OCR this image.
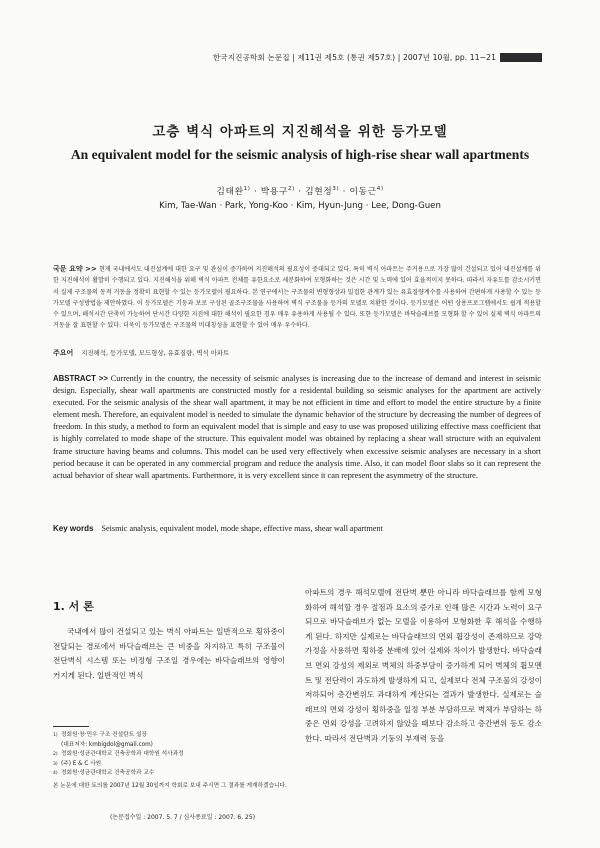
한국지진공학회 논문집 | 제11권 제5호 (통권 제57호) | 2007년 10월, pp. 11~21
고층 벽식 아파트의 지진해석을 위한 등가모델
An equivalent model for the seismic analysis of high-rise shear wall apartments
김태완$^{1)}$ · 박용구$^{2)}$ · 김현정$^{3)}$ · 이동근$^{4)}$
Kim, Tae-Wan · Park, Yong-Koo · Kim, Hyun-Jung · Lee, Dong-Guen
국문 요약 >> 현재 국내에서도 내진설계에 대한 요구 및 관심이 증가하여 지진해석의 필요성이 증대되고 있다. 특히 벽식 아파트는 주거용으로 가장 많이 건설되고 있어 내진설계를 위한 지진해석이 활발히 수행되고 있다. 지진해석을 위해 벽식 아파트 전체를 유한요소로 세분화하여 모형화하는 것은 시간 및 노력에 있어 효율적이지 못하다. 따라서 자유도를 감소시키면서 실제 구조물의 동적 거동을 정확히 표현할 수 있는 등가모델이 필요하다. 본 연구에서는 구조물의 변형형상과 밀접한 관계가 있는 유효질량계수를 사용하여 간편하게 사용할 수 있는 등가모델 구성방법을 제안하였다. 이 등가모델은 기둥과 보로 구성된 골조구조물을 사용하여 벽식 구조물을 등가의 모델로 치환한 것이다. 등가모델은 어떤 상용프로그램에서도 쉽게 적용할 수 있으며, 해석시간 단축이 가능하여 단시간 다양한 지진에 대한 해석이 필요한 경우 매우 유용하게 사용될 수 있다. 또한 등가모델은 바닥슬래브를 모형화 할 수 있어 실제 벽식 아파트의 거동을 잘 표현할 수 있다. 더욱이 등가모델은 구조물의 비대칭성을 표현할 수 있어 매우 우수하다.
주요어 지진해석, 등가모델, 모드형상, 유효질량, 벽식 아파트
ABSTRACT >> Currently in the country, the necessity of seismic analyses is increasing due to the increase of demand and interest in seismic design. Especially, shear wall apartments are constructed mostly for a residental building so seismic analyses for the apartment are actively executed. For the seismic analysis of the shear wall apartment, it may be not efficient in time and effort to model the entire structure by a finite element mesh. Therefore, an equivalent model is needed to simulate the dynamic behavior of the structure by decreasing the number of degrees of freedom. In this study, a method to form an equivalent model that is simple and easy to use was proposed utilizing effective mass coefficient that is highly correlated to mode shape of the structure. This equivalent model was obtained by replacing a shear wall structure with an equivalent frame structure having beams and columns. This model can be used very effectively when excessive seismic analyses are necessary in a short period because it can be operated in any commercial program and reduce the analysis time. Also, it can model floor slabs so it can represent the actual behavior of shear wall apartments. Furthermore, it is very excellent since it can represent the asymmetry of the structure.
Key words Seismic analysis, equivalent model, mode shape, effective mass, shear wall apartment
1. 서 론
국내에서 많이 건설되고 있는 벽식 아파트는 일반적으로 횡하중이 전달되는 경로에서 바닥슬래브는 큰 비중을 차지하고 특히 구조물이 전단벽식 시스템 또는 비정형 구조일 경우에는 바닥슬래브의 영향이 커지게 된다. 일반적인 벽식
아파트의 경우 해석모델에 전단벽 뿐만 아니라 바닥슬래브를 함께 모형화하여 해석할 경우 절점과 요소의 증가로 인해 많은 시간과 노력이 요구되므로 바닥슬래브가 없는 모델을 이용하여 모형화한 후 해석을 수행하게 된다. 하지만 실제로는 바닥슬래브의 면외 휨강성이 존재하므로 강막 가정을 사용하면 횡하중 분배에 있어 실제와 차이가 발생한다. 바닥슬래브 면외 강성의 제외로 벽체의 하중부담이 증가하게 되어 벽체의 휨모멘트 및 전단력이 과도하게 발생하게 되고, 실제보다 전체 구조물의 강성이 저하되어 층간변위도 과대하게 계산되는 결과가 발생한다. 실제로는 슬래브의 면외 강성이 횡하중을 일정 부분 부담하므로 벽체가 부담하는 하중은 면외 강성을 고려하지 않았을 때보다 감소하고 층간변위 등도 감소한다. 따라서 전단벽과 기둥의 부재력 등을
1) 정회원·창·민우 구조 컨설탄트 설장
(대표저자: kmbigdol@gmail.com)
2) 정회원·성균관대학교 건축공학과 대학원 석사과정
3) (주) E & C 사원
4) 정회원·성균관대학교 건축공학과 교수
본 논문에 대한 토의를 2007년 12월 30일까지 학회로 보내 주시면 그 결과를 게재하겠습니다.
(논문접수일 : 2007. 5. 7 / 심사종료일 : 2007. 6. 25)
